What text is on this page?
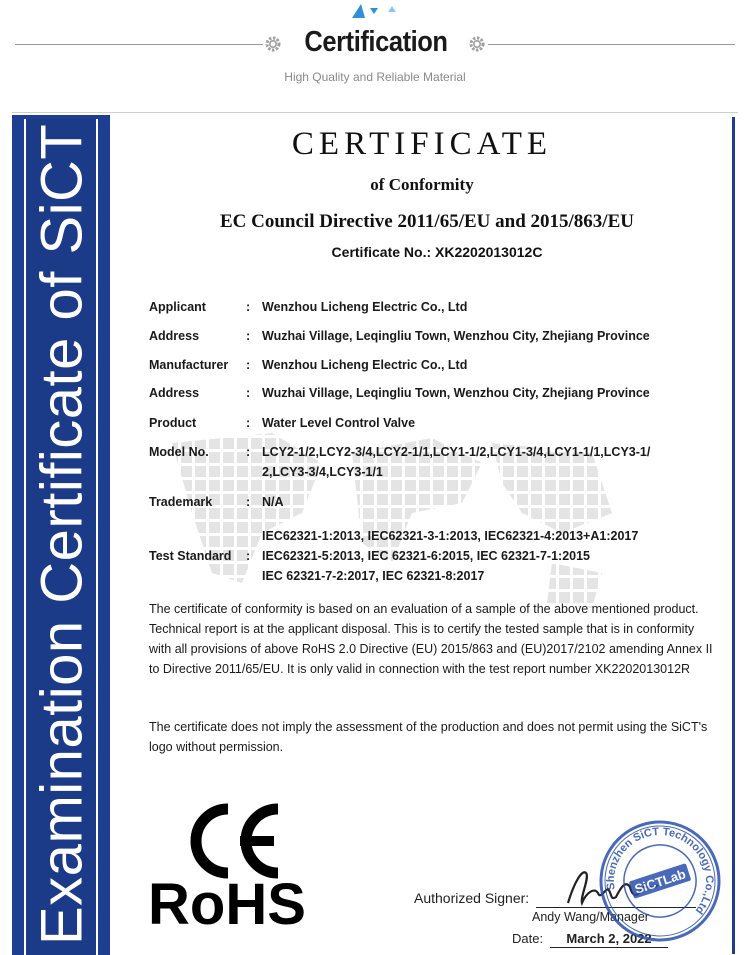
Certification
High Quality and Reliable Material
Examination Certificate of SiCT	CERTIFICATE
of Conformity
EC Council Directive 2011/65/EU and 2015/863/EU
Certificate No.: XK2202013012C
Applicant	: Wenzhou Licheng Electric Co., Ltd
Address	: Wuzhai Village, Leqingliu Town, Wenzhou City, Zhejiang Province
Manufacturer	: Wenzhou Licheng Electric Co., Ltd
Address	: Wuzhai Village, Leqingliu Town, Wenzhou City, Zhejiang Province
Product	: Water Level Control Valve
Model No.	: LCY2-1/2,LCY2-3/4,LCY2-1/1,LCY1-1/2,LCY1-3/4,LCY1-1/1,LCY3-1/
2,LCY3-3/4,LCY3-1/1
Trademark	: N/A
IEC62321-1:2013, IEC62321-3-1:2013, IEC62321-4:2013+A1:2017
Test Standard	: IEC62321-5:2013, IEC 62321-6:2015, IEC 62321-7-1:2015
IEC 62321-7-2:2017, IEC 62321-8:2017
The certificate of conformity is based on an evaluation of a sample of the above mentioned product. Technical report is at the applicant disposal. This is to certify the tested sample that is in conformity with all provisions of above RoHS 2.0 Directive (EU) 2015/863 and (EU)2017/2102 amending Annex II to Directive 2011/65/EU. It is only valid in connection with the test report number XK2202013012R
The certificate does not imply the assessment of the production and does not permit using the SiCT's logo without permission.
RoHS	Authorized Signer:
Andy Wang/Manager
Date:	March 2, 2022
Shenzhen SiCT Technology Co.,Ltd
SiCTLab
